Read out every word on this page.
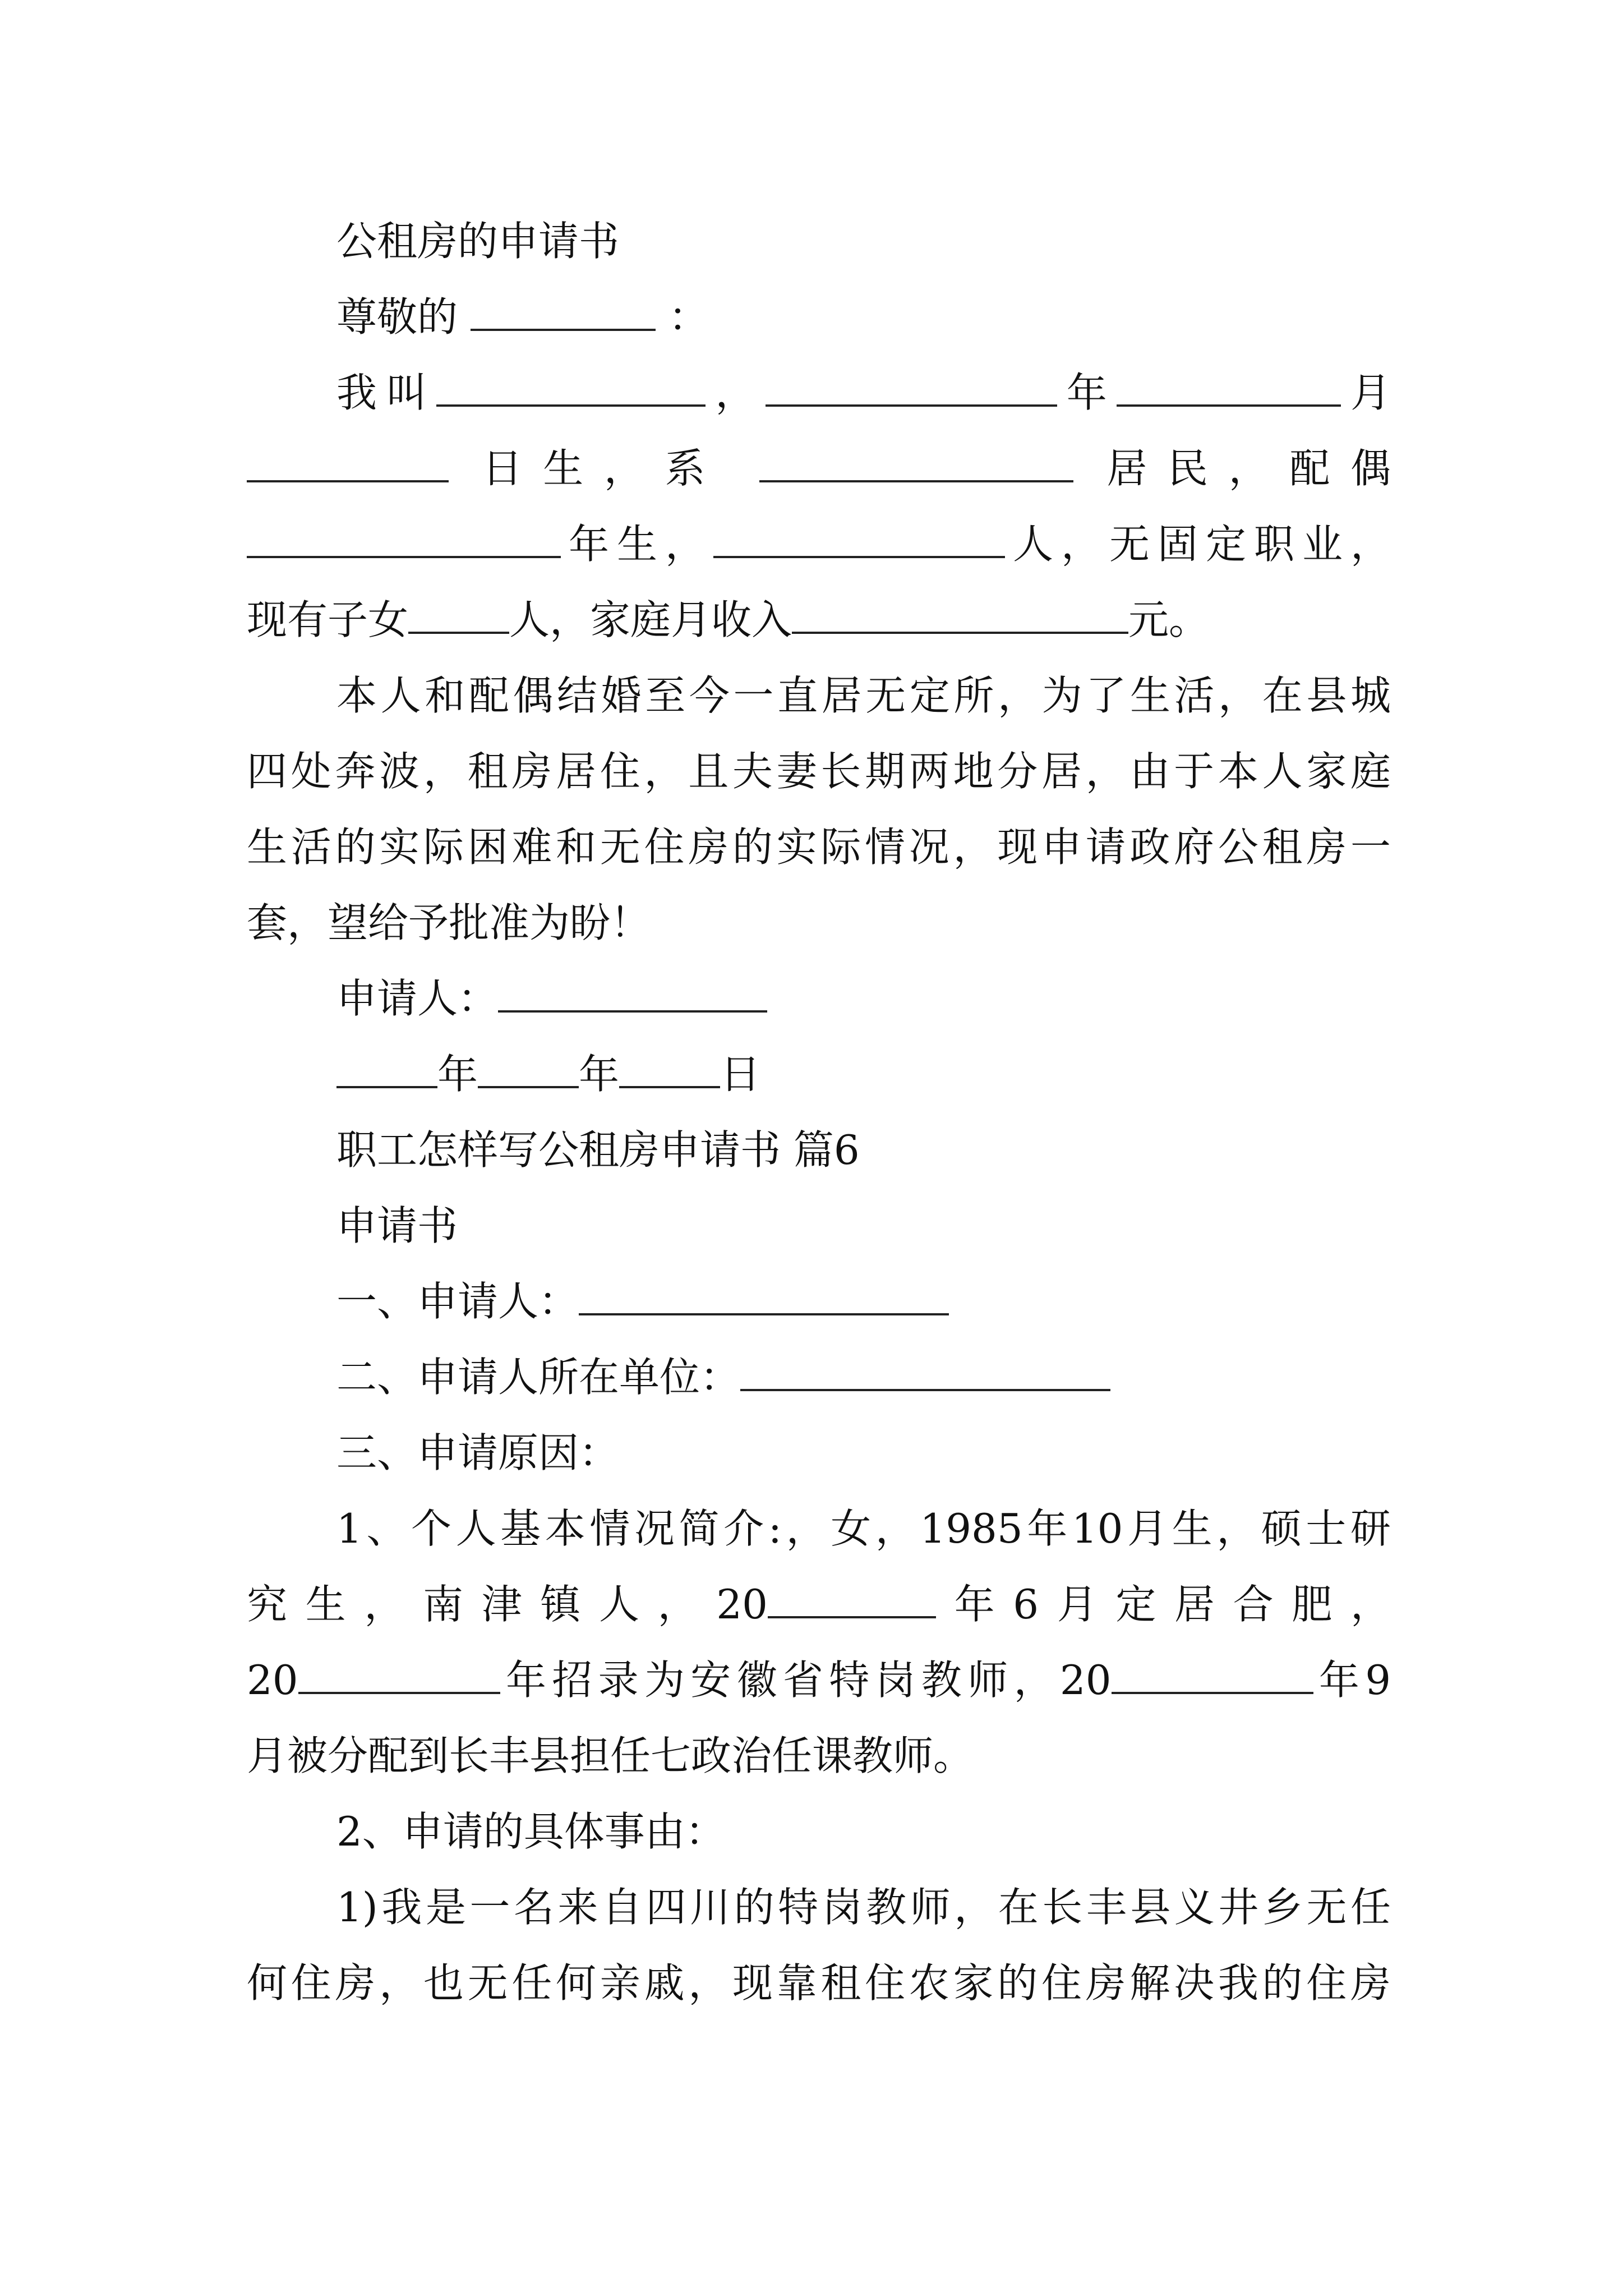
公租房的申请书
尊敬的	：
我叫	，	年	月
日生，系	居民，配偶
年生，	人，无固定职业，
现有子女	人，家庭月收入	元。
本人和配偶结婚至今一直居无定所，为了生活，在县城
四处奔波，租房居住，且夫妻长期两地分居，由于本人家庭
生活的实际困难和无住房的实际情况，现申请政府公租房一
套，望给予批准为盼！
申请人：
年	年	日
职工怎样写公租房申请书 篇6
申请书
一、申请人：
二、申请人所在单位：
三、申请原因：
1、个人基本情况简介:，女，1985年10月生，硕士研
究生，南津镇人，20	年6月定居合肥，
20	年招录为安徽省特岗教师，20	年9
月被分配到长丰县担任七政治任课教师。
2、申请的具体事由：
1)我是一名来自四川的特岗教师，在长丰县义井乡无任
何住房，也无任何亲戚，现靠租住农家的住房解决我的住房
